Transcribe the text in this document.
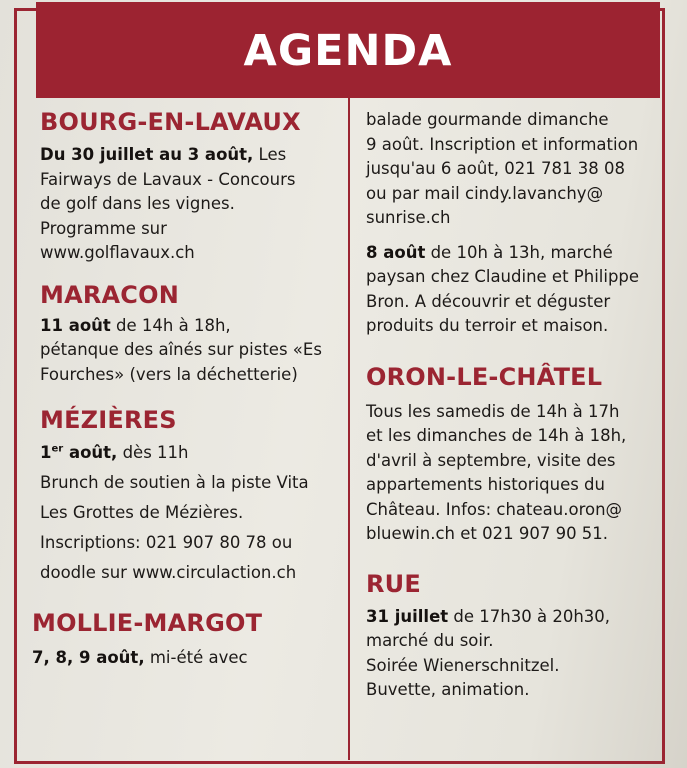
AGENDA
BOURG-EN-LAVAUX

Du 30 juillet au 3 août, Les

Fairways de Lavaux - Concours

de golf dans les vignes.

Programme sur

www.golflavaux.ch

MARACON

11 août de 14h à 18h,

pétanque des aînés sur pistes «Es

Fourches» (vers la déchetterie)

MÉZIÈRES

1er août, dès 11h

Brunch de soutien à la piste Vita

Les Grottes de Mézières.

Inscriptions: 021 907 80 78 ou

doodle sur www.circulaction.ch

MOLLIE-MARGOT

7, 8, 9 août, mi-été avec

balade gourmande dimanche

9 août. Inscription et information

jusqu'au 6 août, 021 781 38 08

ou par mail cindy.lavanchy@

sunrise.ch

8 août de 10h à 13h, marché

paysan chez Claudine et Philippe

Bron. A découvrir et déguster

produits du terroir et maison.

ORON-LE-CHÂTEL

Tous les samedis de 14h à 17h

et les dimanches de 14h à 18h,

d'avril à septembre, visite des

appartements historiques du

Château. Infos: chateau.oron@

bluewin.ch et 021 907 90 51.

RUE

31 juillet de 17h30 à 20h30,

marché du soir.

Soirée Wienerschnitzel.

Buvette, animation.
